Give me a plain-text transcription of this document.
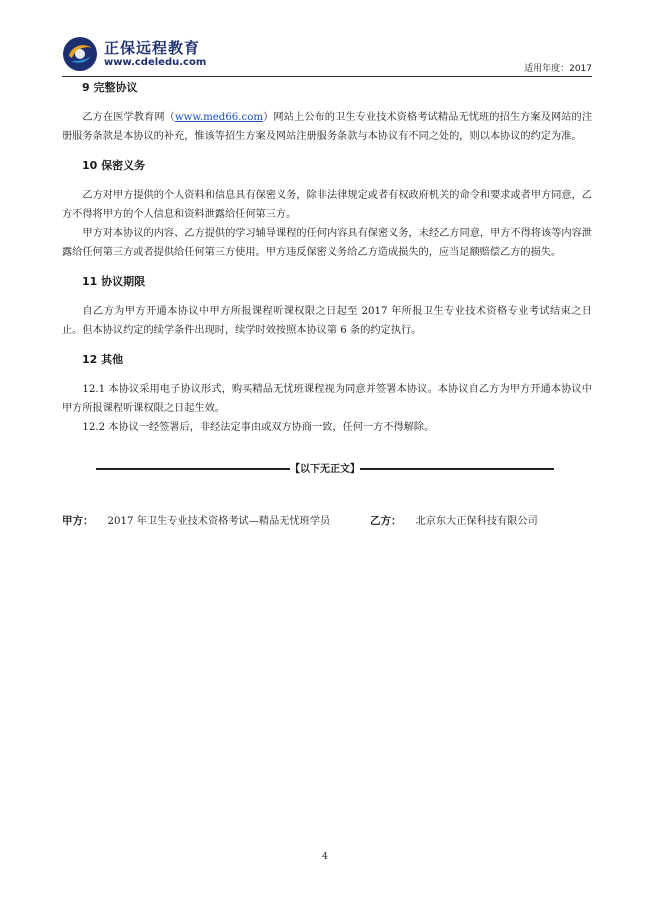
正保远程教育
www.cdeledu.com
适用年度：2017
9 完整协议

乙方在医学教育网（www.med66.com）网站上公布的卫生专业技术资格考试精品无忧班的招生方案及网站的注册服务条款是本协议的补充，惟该等招生方案及网站注册服务条款与本协议有不同之处的，则以本协议的约定为准。

10 保密义务

乙方对甲方提供的个人资料和信息具有保密义务，除非法律规定或者有权政府机关的命令和要求或者甲方同意，乙方不得将甲方的个人信息和资料泄露给任何第三方。

甲方对本协议的内容、乙方提供的学习辅导课程的任何内容具有保密义务，未经乙方同意，甲方不得将该等内容泄露给任何第三方或者提供给任何第三方使用。甲方违反保密义务给乙方造成损失的，应当足额赔偿乙方的损失。

11 协议期限

自乙方为甲方开通本协议中甲方所报课程听课权限之日起至 2017 年所报卫生专业技术资格专业考试结束之日止。但本协议约定的续学条件出现时，续学时效按照本协议第 6 条的约定执行。

12 其他

12.1 本协议采用电子协议形式，购买精品无忧班课程视为同意并签署本协议。本协议自乙方为甲方开通本协议中甲方所报课程听课权限之日起生效。

12.2 本协议一经签署后，非经法定事由或双方协商一致，任何一方不得解除。

【以下无正文】
甲方： 2017 年卫生专业技术资格考试—精品无忧班学员	乙方： 北京东大正保科技有限公司
4
